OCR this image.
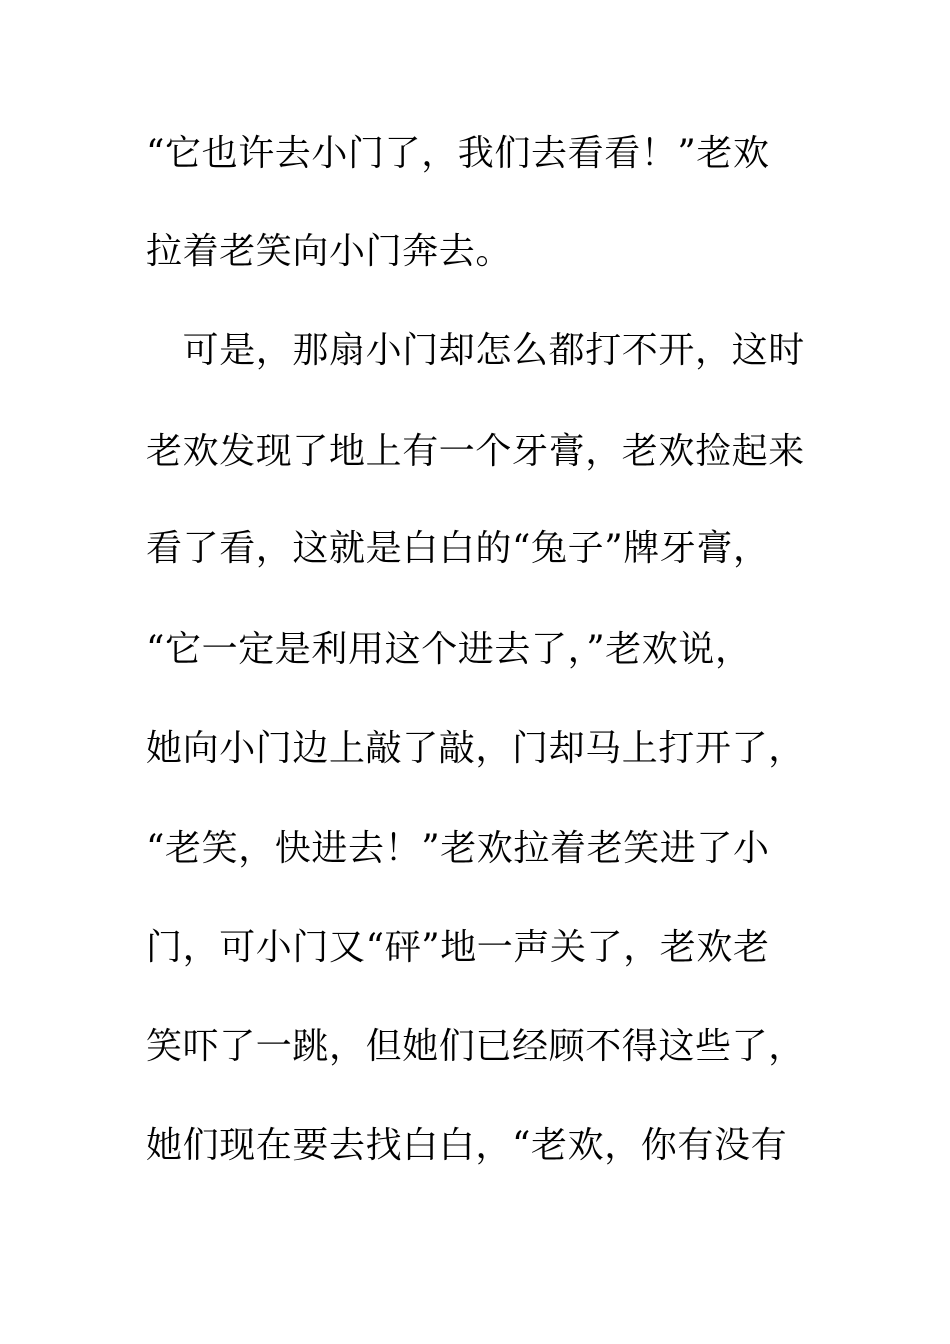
“它也许去小门了，我们去看看！”老欢
拉着老笑向小门奔去。
　可是，那扇小门却怎么都打不开，这时
老欢发现了地上有一个牙膏，老欢捡起来
看了看，这就是白白的“兔子”牌牙膏，
“它一定是利用这个进去了，”老欢说，
她向小门边上敲了敲，门却马上打开了，
“老笑，快进去！”老欢拉着老笑进了小
门，可小门又“砰”地一声关了，老欢老
笑吓了一跳，但她们已经顾不得这些了，
她们现在要去找白白，“老欢，你有没有
